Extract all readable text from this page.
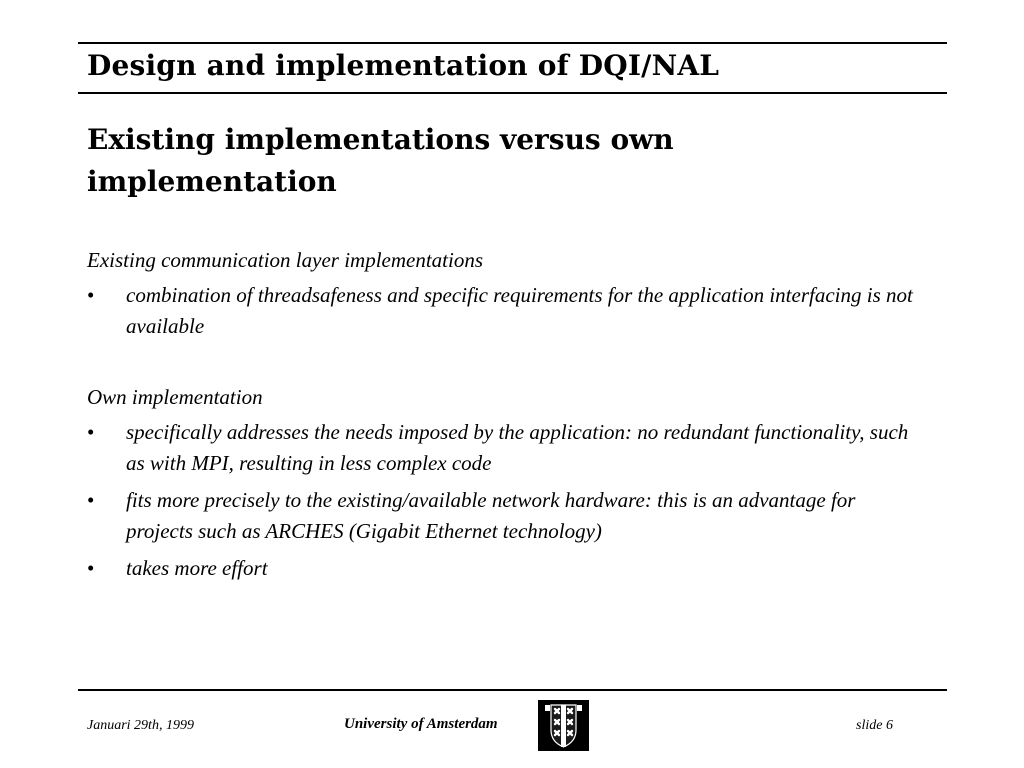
Design and implementation of DQI/NAL
Existing implementations versus own implementation
Existing communication layer implementations
• combination of threadsafeness and specific requirements for the application interfacing is not available
Own implementation
• specifically addresses the needs imposed by the application: no redundant functionality, such as with MPI, resulting in less complex code
• fits more precisely to the existing/available network hardware: this is an advantage for projects such as ARCHES (Gigabit Ethernet technology)
• takes more effort
Januari 29th, 1999	University of Amsterdam	slide 6
